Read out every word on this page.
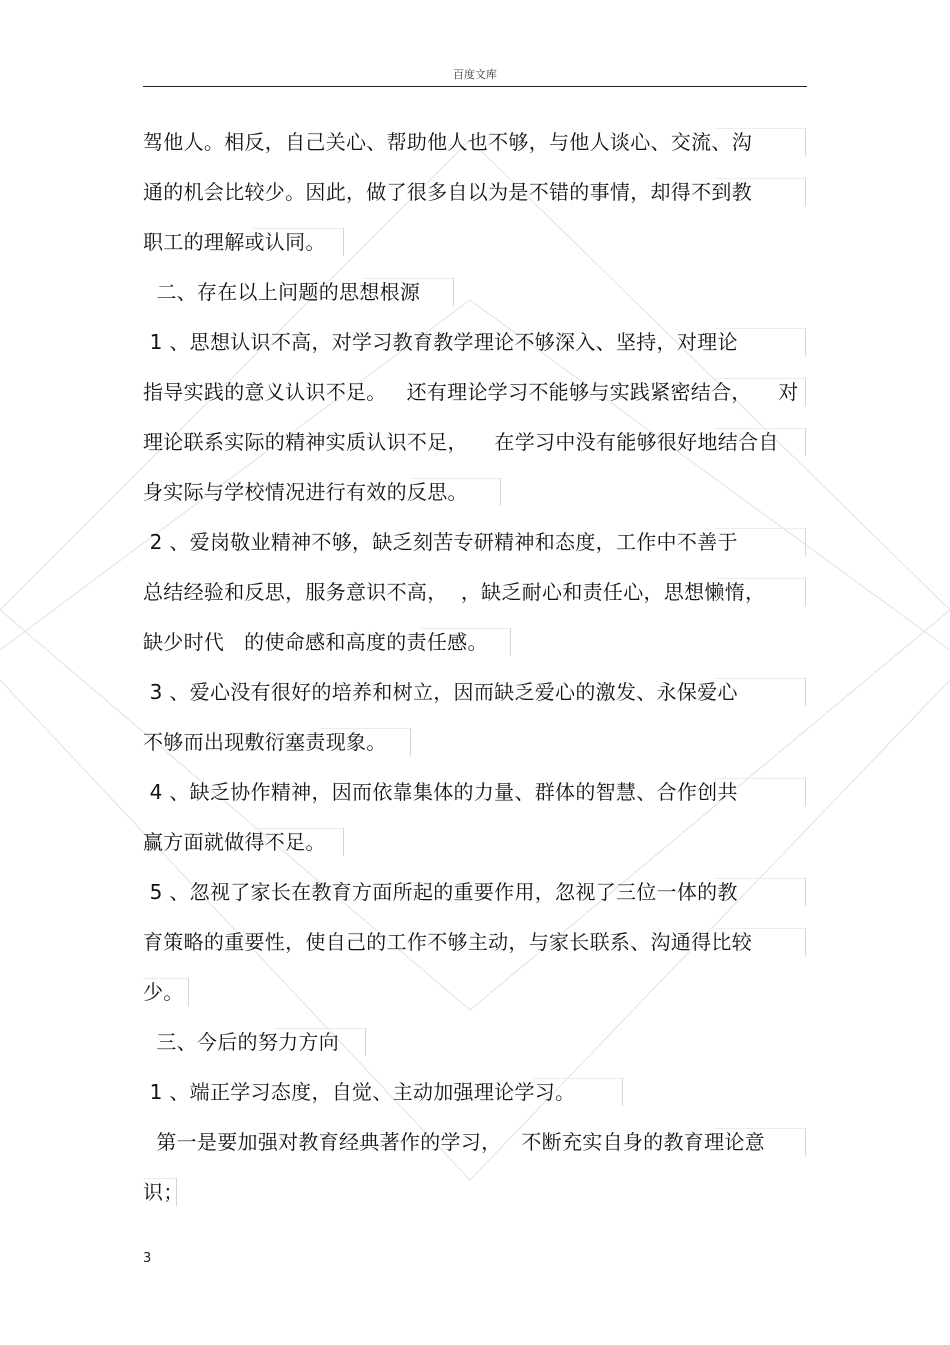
百度文库
驾他人。相反，自己关心、帮助他人也不够，与他人谈心、交流、沟
通的机会比较少。因此，做了很多自以为是不错的事情，却得不到教
职工的理解或认同。
二、存在以上问题的思想根源
1 、思想认识不高，对学习教育教学理论不够深入、坚持，对理论
指导实践的意义认识不足。   还有理论学习不能够与实践紧密结合，    对
理论联系实际的精神实质认识不足，    在学习中没有能够很好地结合自
身实际与学校情况进行有效的反思。
2 、爱岗敬业精神不够，缺乏刻苦专研精神和态度，工作中不善于
总结经验和反思，服务意识不高，  ，缺乏耐心和责任心，思想懒惰，
缺少时代   的使命感和高度的责任感。
3 、爱心没有很好的培养和树立，因而缺乏爱心的激发、永保爱心
不够而出现敷衍塞责现象。
4 、缺乏协作精神，因而依靠集体的力量、群体的智慧、合作创共
赢方面就做得不足。
5 、忽视了家长在教育方面所起的重要作用，忽视了三位一体的教
育策略的重要性，使自己的工作不够主动，与家长联系、沟通得比较
少。
三、今后的努力方向
1 、端正学习态度，自觉、主动加强理论学习。
第一是要加强对教育经典著作的学习，   不断充实自身的教育理论意
识；
3
